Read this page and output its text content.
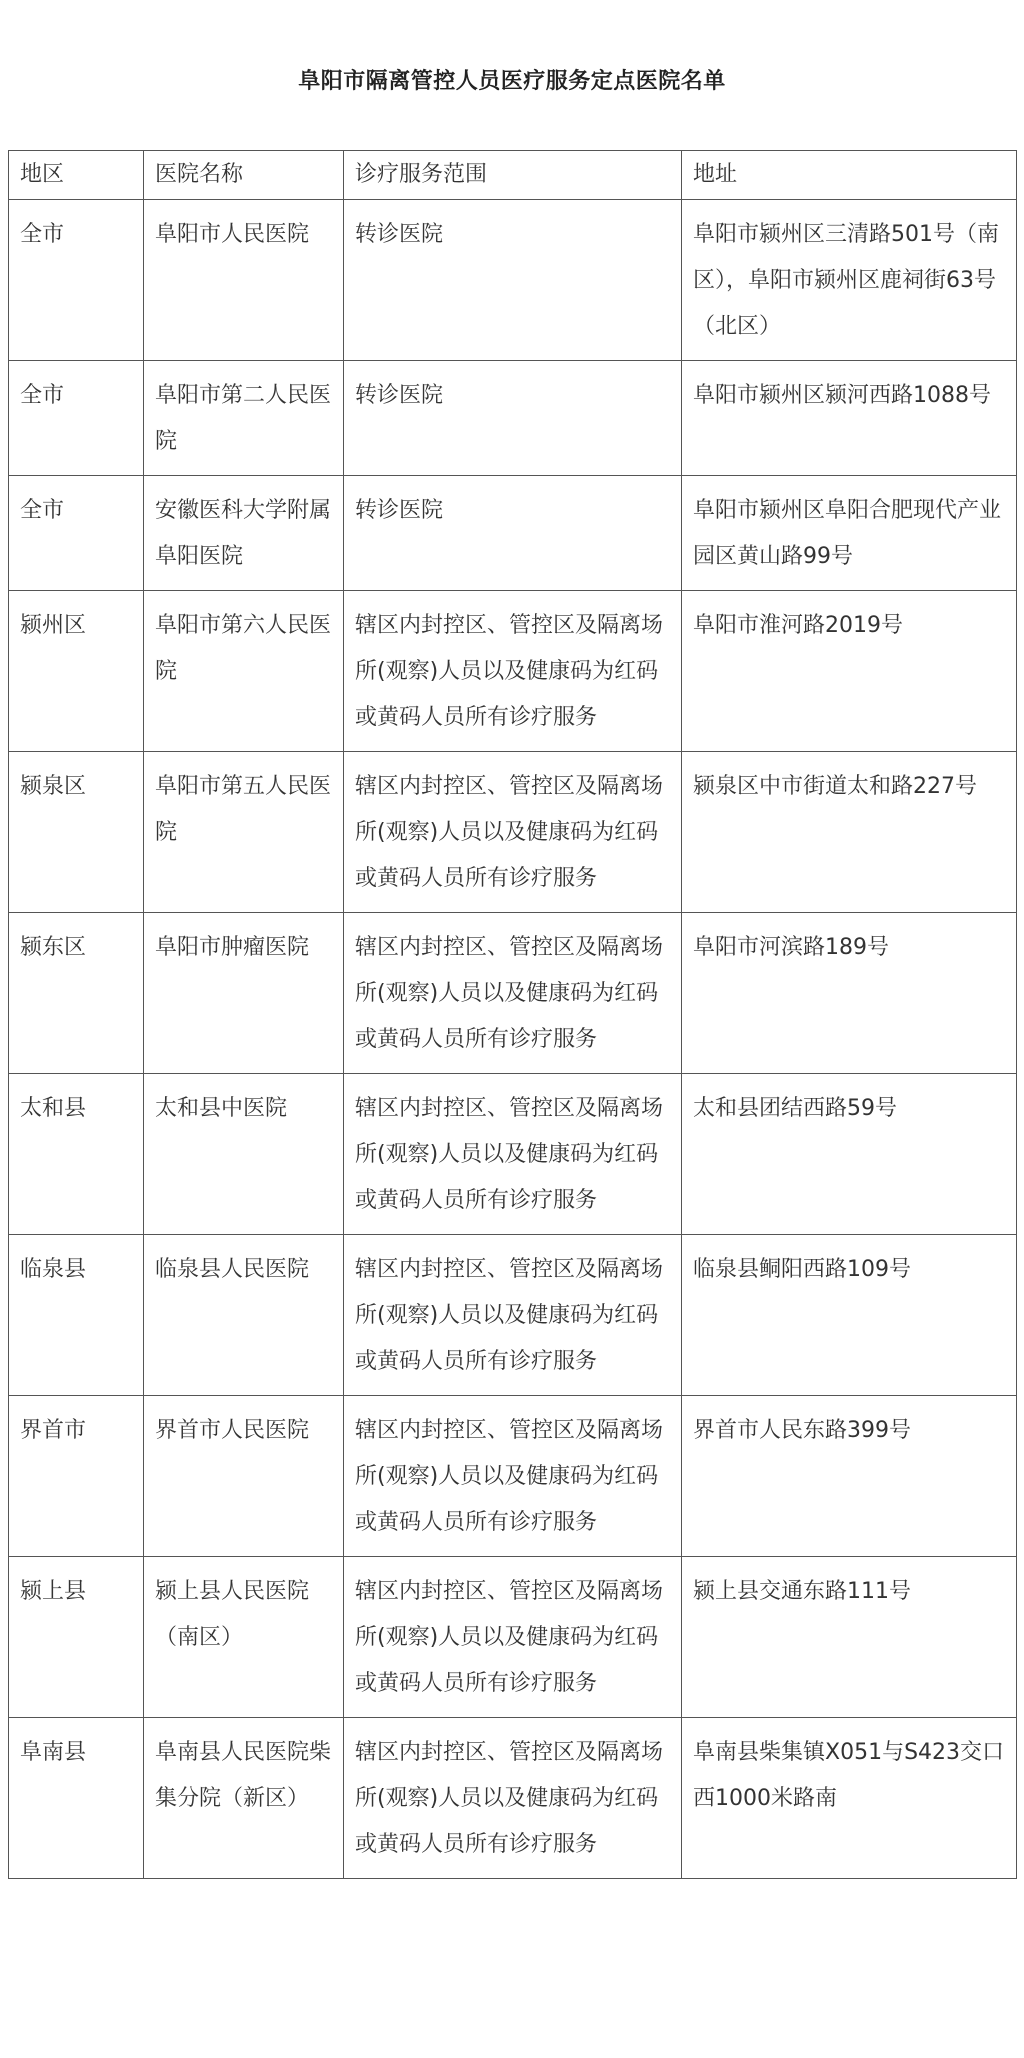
阜阳市隔离管控人员医疗服务定点医院名单
地区	医院名称	诊疗服务范围	地址
全市	阜阳市人民医院	转诊医院	阜阳市颍州区三清路501号（南区），阜阳市颍州区鹿祠街63号（北区）
全市	阜阳市第二人民医院	转诊医院	阜阳市颍州区颍河西路1088号
全市	安徽医科大学附属阜阳医院	转诊医院	阜阳市颍州区阜阳合肥现代产业园区黄山路99号
颍州区	阜阳市第六人民医院	辖区内封控区、管控区及隔离场所(观察)人员以及健康码为红码或黄码人员所有诊疗服务	阜阳市淮河路2019号
颍泉区	阜阳市第五人民医院	辖区内封控区、管控区及隔离场所(观察)人员以及健康码为红码或黄码人员所有诊疗服务	颍泉区中市街道太和路227号
颍东区	阜阳市肿瘤医院	辖区内封控区、管控区及隔离场所(观察)人员以及健康码为红码或黄码人员所有诊疗服务	阜阳市河滨路189号
太和县	太和县中医院	辖区内封控区、管控区及隔离场所(观察)人员以及健康码为红码或黄码人员所有诊疗服务	太和县团结西路59号
临泉县	临泉县人民医院	辖区内封控区、管控区及隔离场所(观察)人员以及健康码为红码或黄码人员所有诊疗服务	临泉县鲖阳西路109号
界首市	界首市人民医院	辖区内封控区、管控区及隔离场所(观察)人员以及健康码为红码或黄码人员所有诊疗服务	界首市人民东路399号
颍上县	颍上县人民医院（南区）	辖区内封控区、管控区及隔离场所(观察)人员以及健康码为红码或黄码人员所有诊疗服务	颍上县交通东路111号
阜南县	阜南县人民医院柴集分院（新区）	辖区内封控区、管控区及隔离场所(观察)人员以及健康码为红码或黄码人员所有诊疗服务	阜南县柴集镇X051与S423交口西1000米路南
